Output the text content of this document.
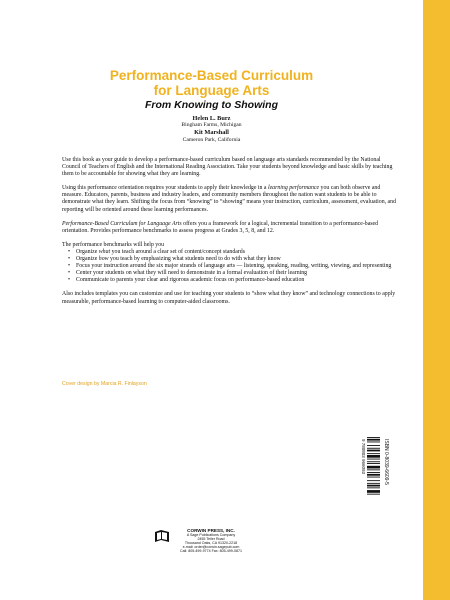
Performance-Based Curriculum
for Language Arts
From Knowing to Showing
Helen L. Burz
Bingham Farms, Michigan
Kit Marshall
Cameron Park, California

Use this book as your guide to develop a performance-based curriculum based on language arts standards recommended by the National Council of Teachers of English and the International Reading Association. Take your students beyond knowledge and basic skills by teaching them to be accountable for showing what they are learning.

Using this performance orientation requires your students to apply their knowledge in a learning performance you can both observe and measure. Educators, parents, business and industry leaders, and community members throughout the nation want students to be able to demonstrate what they learn. Shifting the focus from “knowing” to “showing” means your instruction, curriculum, assessment, evaluation, and reporting will be oriented around these learning performances.

Performance-Based Curriculum for Language Arts offers you a framework for a logical, incremental transition to a performance-based orientation. Provides performance benchmarks to assess progress at Grades 3, 5, 8, and 12.

The performance benchmarks will help you
• Organize what you teach around a clear set of content/concept standards
• Organize how you teach by emphasizing what students need to do with what they know
• Focus your instruction around the six major strands of language arts — listening, speaking, reading, writing, viewing, and representing
• Center your students on what they will need to demonstrate in a formal evaluation of their learning
• Communicate to parents your clear and rigorous academic focus on performance-based education

Also includes templates you can customize and use for teaching your students to “show what they know” and technology connections to apply measurable, performance-based learning to computer-aided classrooms.

Cover design by Marcia R. Finlayson
ISBN 0-8039-6609-5
9 780803 966093
CORWIN PRESS, INC.
A Sage Publications Company
2455 Teller Road
Thousand Oaks, CA 91320-2218
e-mail: order@corwin.sagepub.com
Call: 805-499-9774 Fax: 805-499-0871
